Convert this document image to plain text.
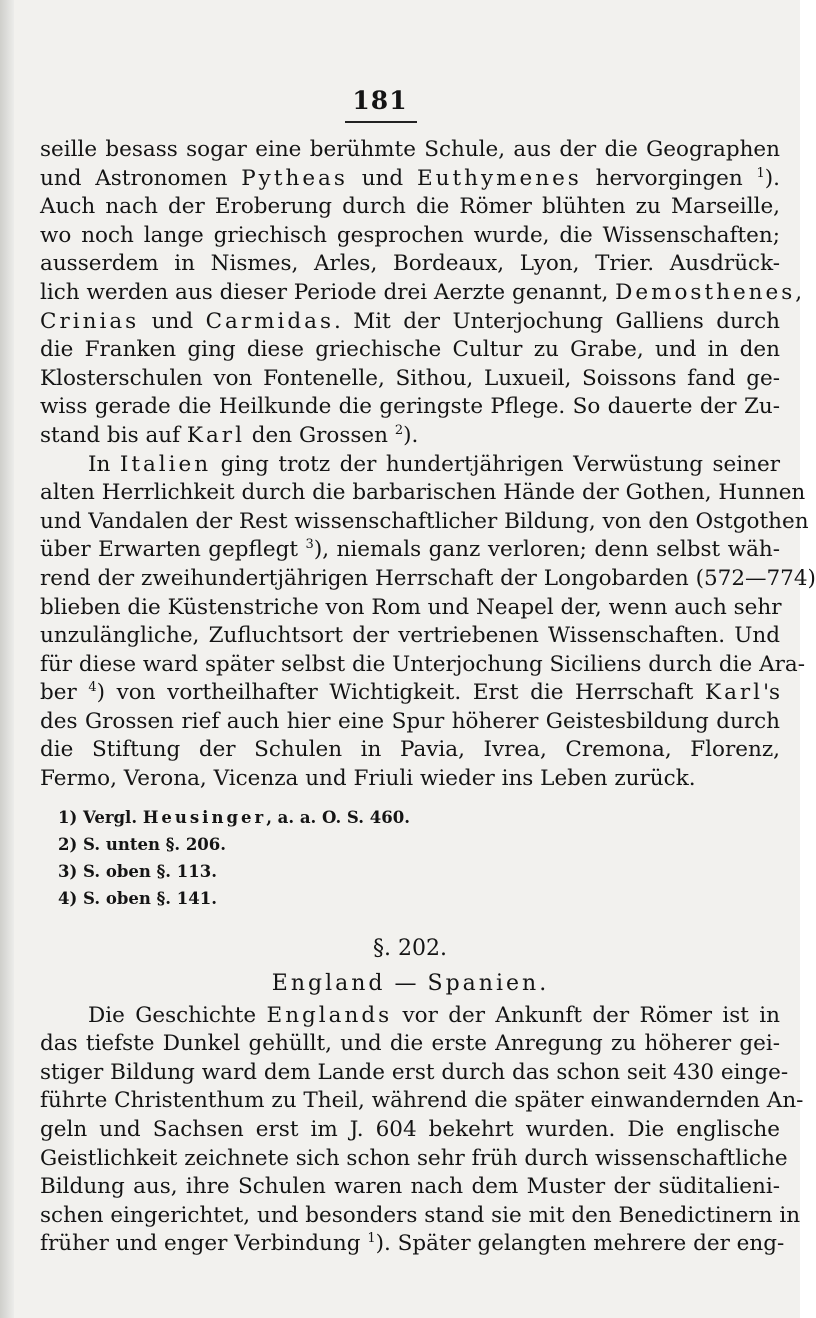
181
seille besass sogar eine berühmte Schule, aus der die Geographen
und Astronomen Pytheas und Euthymenes hervorgingen $^1$).
Auch nach der Eroberung durch die Römer blühten zu Marseille,
wo noch lange griechisch gesprochen wurde, die Wissenschaften;
ausserdem in Nismes, Arles, Bordeaux, Lyon, Trier. Ausdrück-
lich werden aus dieser Periode drei Aerzte genannt, Demosthenes,
Crinias und Carmidas. Mit der Unterjochung Galliens durch
die Franken ging diese griechische Cultur zu Grabe, und in den
Klosterschulen von Fontenelle, Sithou, Luxueil, Soissons fand ge-
wiss gerade die Heilkunde die geringste Pflege. So dauerte der Zu-
stand bis auf Karl den Grossen $^2$).
In Italien ging trotz der hundertjährigen Verwüstung seiner
alten Herrlichkeit durch die barbarischen Hände der Gothen, Hunnen
und Vandalen der Rest wissenschaftlicher Bildung, von den Ostgothen
über Erwarten gepflegt $^3$), niemals ganz verloren; denn selbst wäh-
rend der zweihundertjährigen Herrschaft der Longobarden (572—774)
blieben die Küstenstriche von Rom und Neapel der, wenn auch sehr
unzulängliche, Zufluchtsort der vertriebenen Wissenschaften. Und
für diese ward später selbst die Unterjochung Siciliens durch die Ara-
ber $^4$) von vortheilhafter Wichtigkeit. Erst die Herrschaft Karl's
des Grossen rief auch hier eine Spur höherer Geistesbildung durch
die Stiftung der Schulen in Pavia, Ivrea, Cremona, Florenz,
Fermo, Verona, Vicenza und Friuli wieder ins Leben zurück.
1) Vergl. Heusinger, a. a. O. S. 460.
2) S. unten §. 206.
3) S. oben §. 113.
4) S. oben §. 141.
§. 202.
England — Spanien.
Die Geschichte Englands vor der Ankunft der Römer ist in
das tiefste Dunkel gehüllt, und die erste Anregung zu höherer gei-
stiger Bildung ward dem Lande erst durch das schon seit 430 einge-
führte Christenthum zu Theil, während die später einwandernden An-
geln und Sachsen erst im J. 604 bekehrt wurden. Die englische
Geistlichkeit zeichnete sich schon sehr früh durch wissenschaftliche
Bildung aus, ihre Schulen waren nach dem Muster der süditalieni-
schen eingerichtet, und besonders stand sie mit den Benedictinern in
früher und enger Verbindung $^1$). Später gelangten mehrere der eng-
